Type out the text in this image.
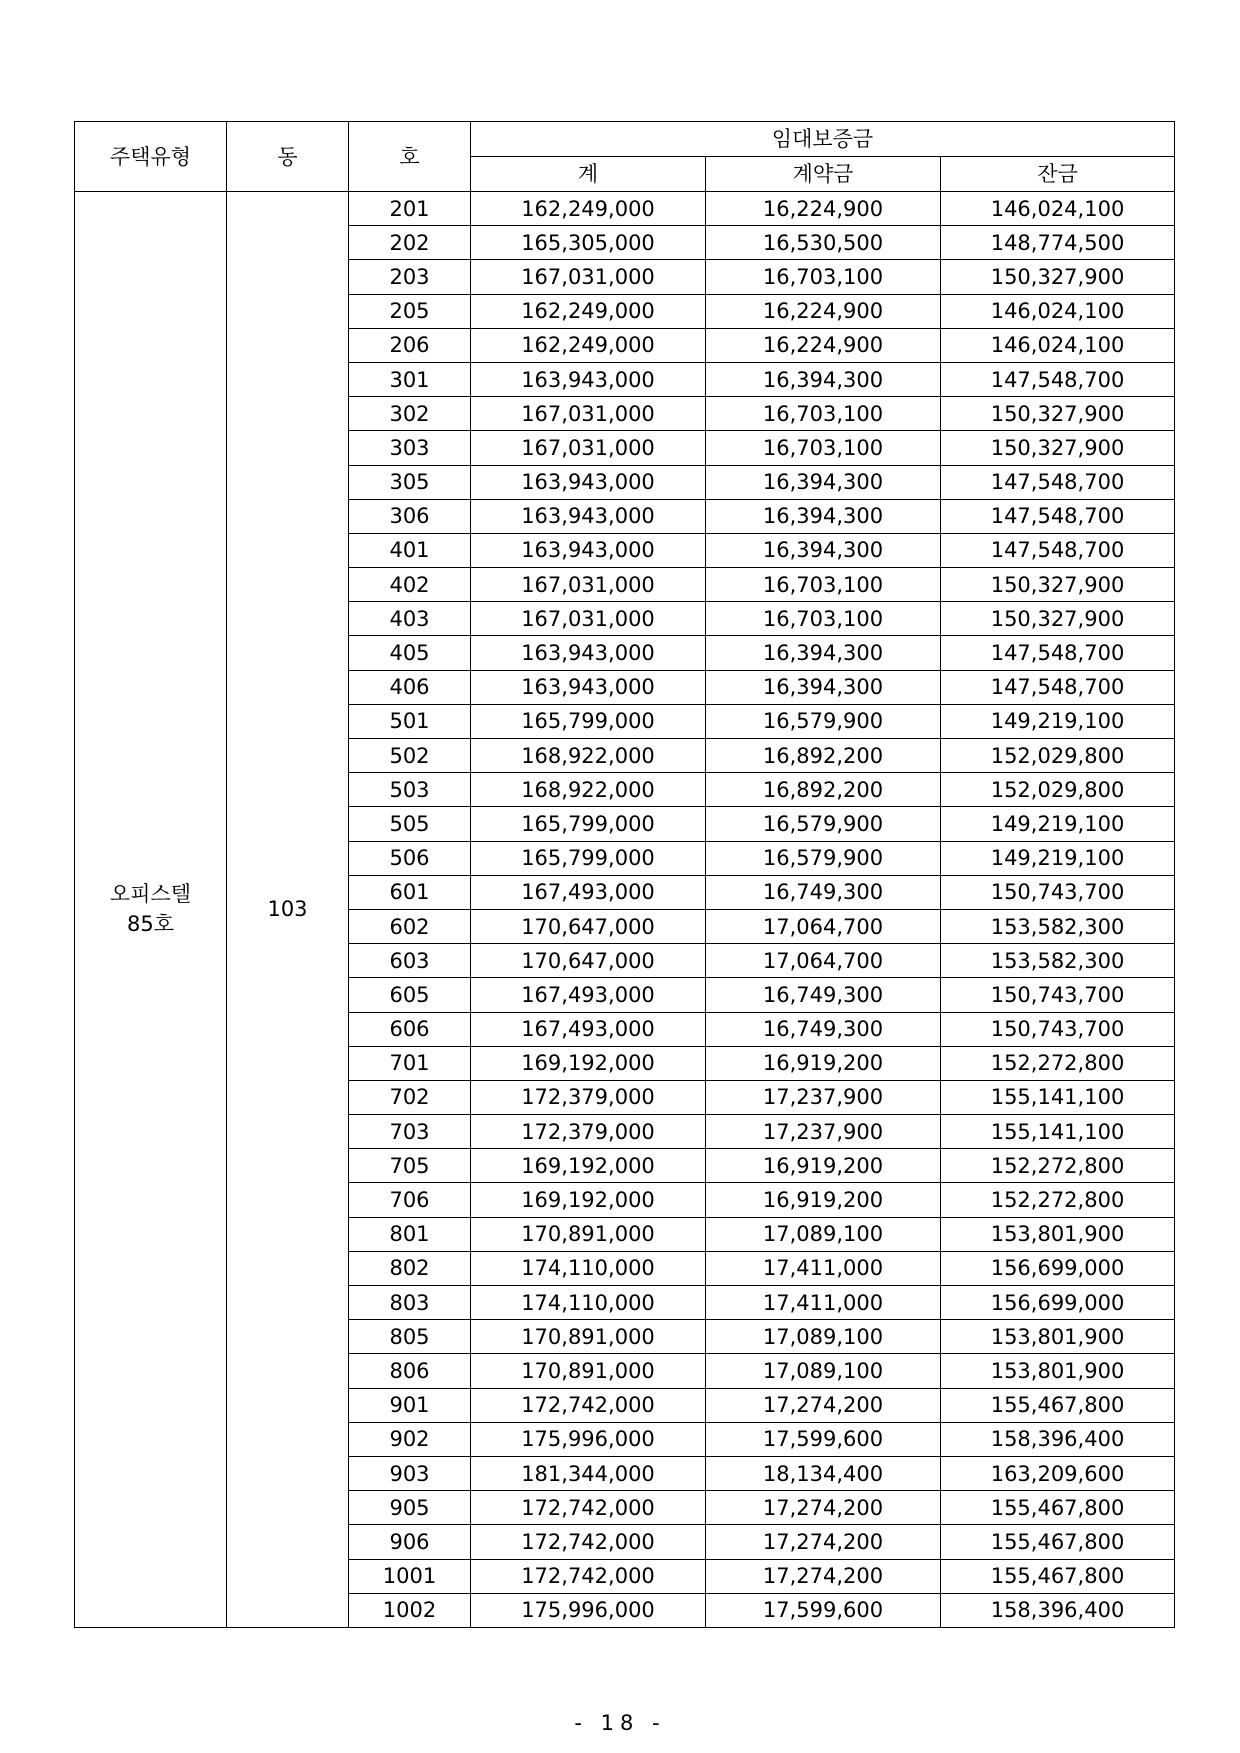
주택유형	동	호	임대보증금		
			계	계약금	잔금

오피스텔
85호	103	201	162,249,000	16,224,900	146,024,100
		202	165,305,000	16,530,500	148,774,500
		203	167,031,000	16,703,100	150,327,900
		205	162,249,000	16,224,900	146,024,100
		206	162,249,000	16,224,900	146,024,100
		301	163,943,000	16,394,300	147,548,700
		302	167,031,000	16,703,100	150,327,900
		303	167,031,000	16,703,100	150,327,900
		305	163,943,000	16,394,300	147,548,700
		306	163,943,000	16,394,300	147,548,700
		401	163,943,000	16,394,300	147,548,700
		402	167,031,000	16,703,100	150,327,900
		403	167,031,000	16,703,100	150,327,900
		405	163,943,000	16,394,300	147,548,700
		406	163,943,000	16,394,300	147,548,700
		501	165,799,000	16,579,900	149,219,100
		502	168,922,000	16,892,200	152,029,800
		503	168,922,000	16,892,200	152,029,800
		505	165,799,000	16,579,900	149,219,100
		506	165,799,000	16,579,900	149,219,100
		601	167,493,000	16,749,300	150,743,700
		602	170,647,000	17,064,700	153,582,300
		603	170,647,000	17,064,700	153,582,300
		605	167,493,000	16,749,300	150,743,700
		606	167,493,000	16,749,300	150,743,700
		701	169,192,000	16,919,200	152,272,800
		702	172,379,000	17,237,900	155,141,100
		703	172,379,000	17,237,900	155,141,100
		705	169,192,000	16,919,200	152,272,800
		706	169,192,000	16,919,200	152,272,800
		801	170,891,000	17,089,100	153,801,900
		802	174,110,000	17,411,000	156,699,000
		803	174,110,000	17,411,000	156,699,000
		805	170,891,000	17,089,100	153,801,900
		806	170,891,000	17,089,100	153,801,900
		901	172,742,000	17,274,200	155,467,800
		902	175,996,000	17,599,600	158,396,400
		903	181,344,000	18,134,400	163,209,600
		905	172,742,000	17,274,200	155,467,800
		906	172,742,000	17,274,200	155,467,800
		1001	172,742,000	17,274,200	155,467,800
		1002	175,996,000	17,599,600	158,396,400
- 18 -
